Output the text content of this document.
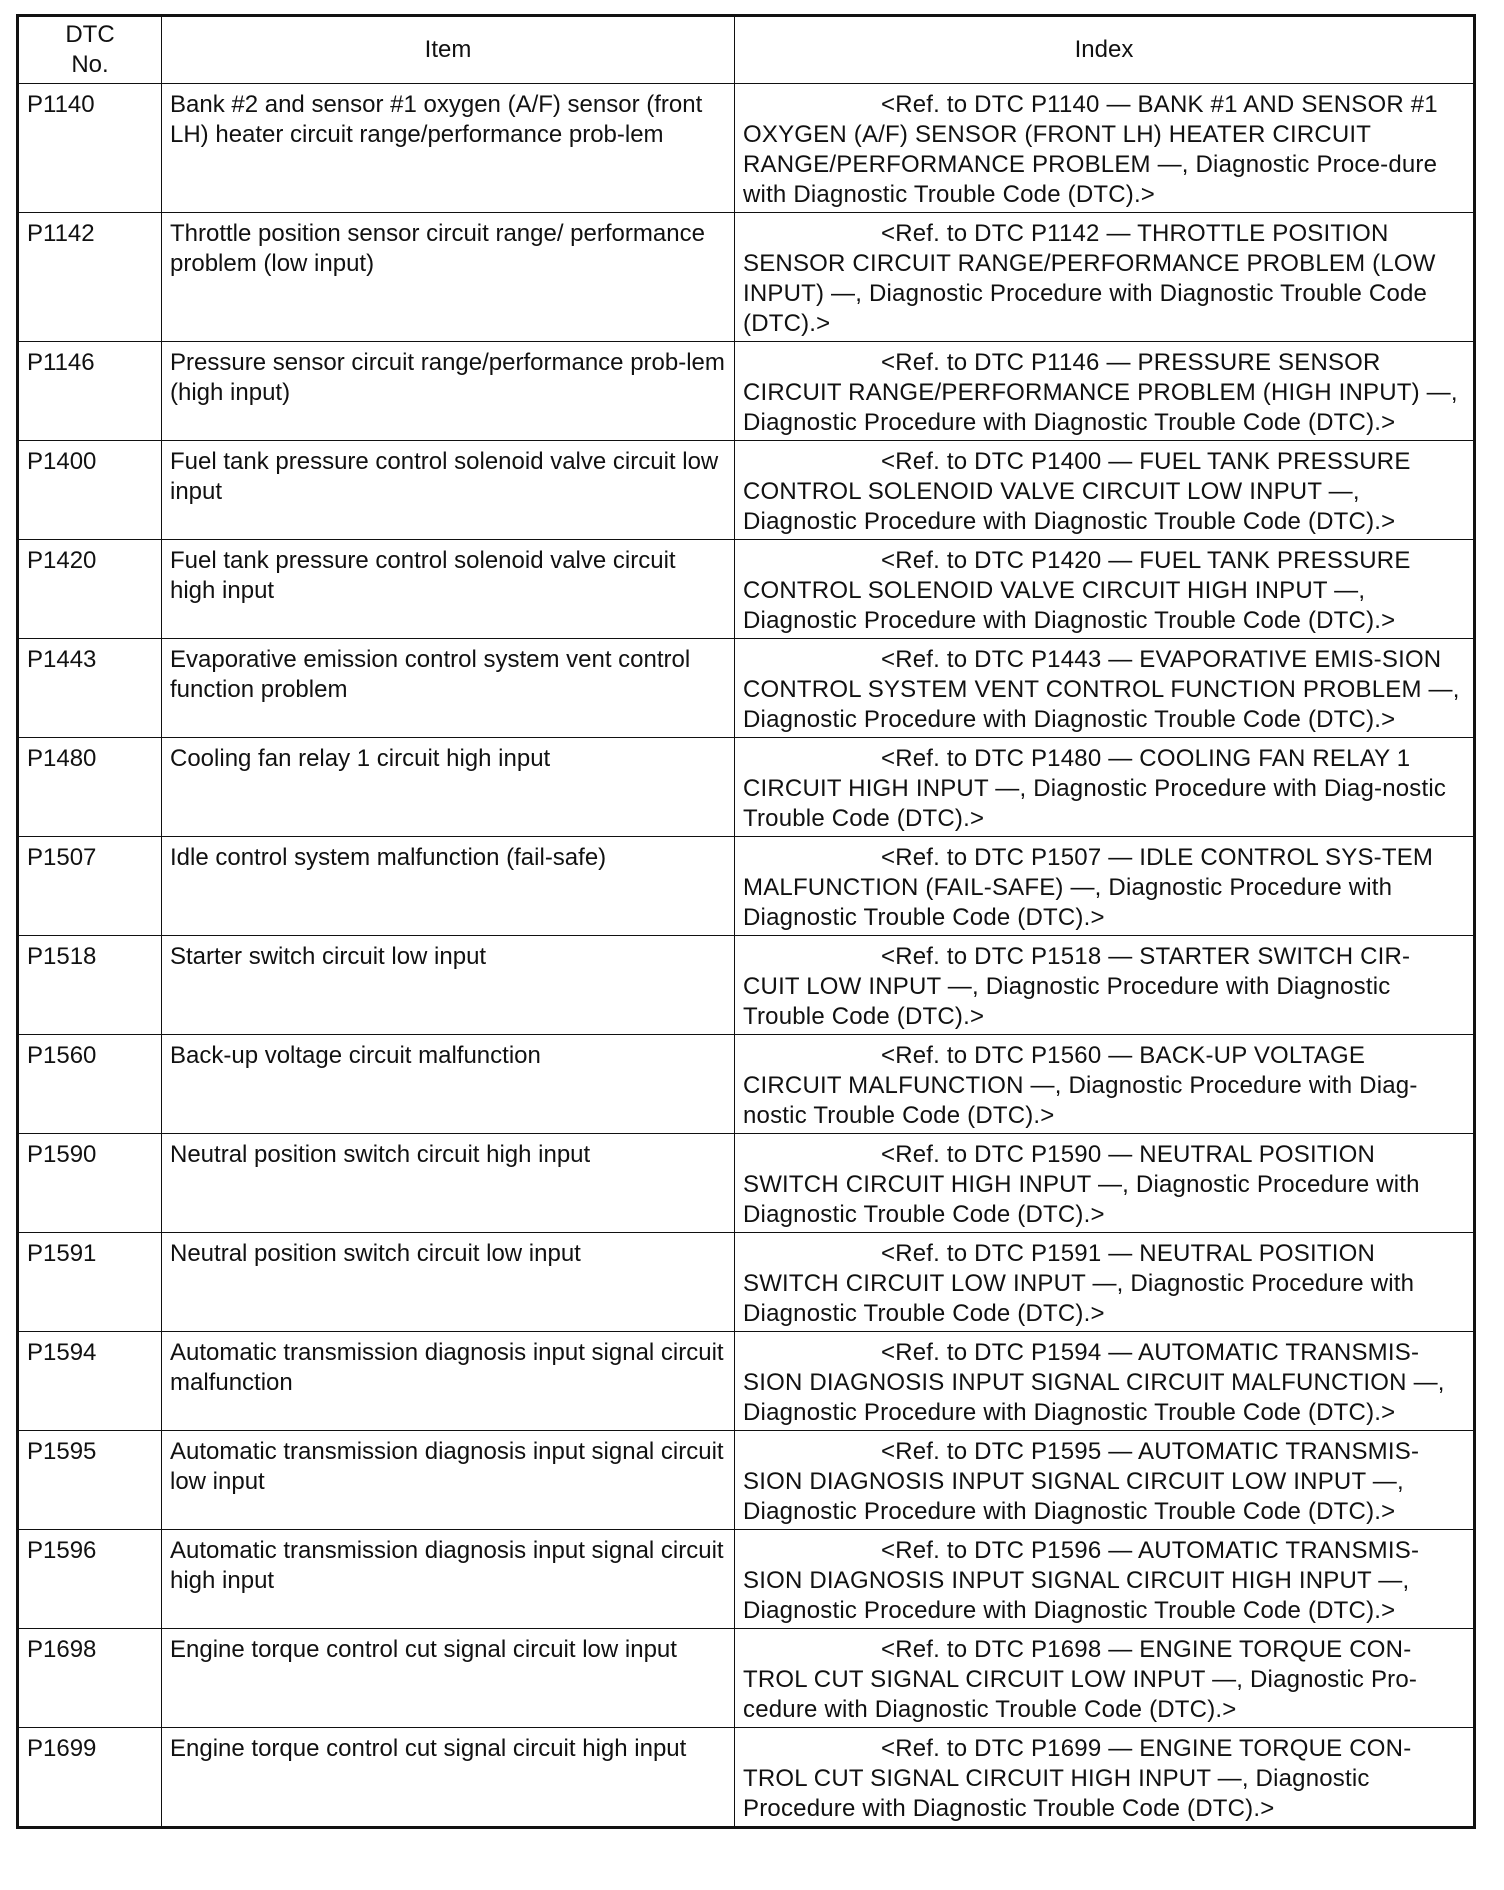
DTC
No.	Item	Index
P1140	Bank #2 and sensor #1 oxygen (A/F) sensor (front LH) heater circuit range/performance prob-lem	<Ref. to DTC P1140 — BANK #1 AND SENSOR #1 OXYGEN (A/F) SENSOR (FRONT LH) HEATER CIRCUIT RANGE/PERFORMANCE PROBLEM —, Diagnostic Proce-dure with Diagnostic Trouble Code (DTC).>
P1142	Throttle position sensor circuit range/ performance problem (low input)	<Ref. to DTC P1142 — THROTTLE POSITION SENSOR CIRCUIT RANGE/PERFORMANCE PROBLEM (LOW INPUT) —, Diagnostic Procedure with Diagnostic Trouble Code (DTC).>
P1146	Pressure sensor circuit range/performance prob-lem (high input)	<Ref. to DTC P1146 — PRESSURE SENSOR CIRCUIT RANGE/PERFORMANCE PROBLEM (HIGH INPUT) —, Diagnostic Procedure with Diagnostic Trouble Code (DTC).>
P1400	Fuel tank pressure control solenoid valve circuit low input	<Ref. to DTC P1400 — FUEL TANK PRESSURE CONTROL SOLENOID VALVE CIRCUIT LOW INPUT —, Diagnostic Procedure with Diagnostic Trouble Code (DTC).>
P1420	Fuel tank pressure control solenoid valve circuit high input	<Ref. to DTC P1420 — FUEL TANK PRESSURE CONTROL SOLENOID VALVE CIRCUIT HIGH INPUT —, Diagnostic Procedure with Diagnostic Trouble Code (DTC).>
P1443	Evaporative emission control system vent control function problem	<Ref. to DTC P1443 — EVAPORATIVE EMIS-SION CONTROL SYSTEM VENT CONTROL FUNCTION PROBLEM —, Diagnostic Procedure with Diagnostic Trouble Code (DTC).>
P1480	Cooling fan relay 1 circuit high input	<Ref. to DTC P1480 — COOLING FAN RELAY 1 CIRCUIT HIGH INPUT —, Diagnostic Procedure with Diag-nostic Trouble Code (DTC).>
P1507	Idle control system malfunction (fail-safe)	<Ref. to DTC P1507 — IDLE CONTROL SYS-TEM MALFUNCTION (FAIL-SAFE) —, Diagnostic Procedure with Diagnostic Trouble Code (DTC).>
P1518	Starter switch circuit low input	<Ref. to DTC P1518 — STARTER SWITCH CIR-CUIT LOW INPUT —, Diagnostic Procedure with Diagnostic Trouble Code (DTC).>
P1560	Back-up voltage circuit malfunction	<Ref. to DTC P1560 — BACK-UP VOLTAGE CIRCUIT MALFUNCTION —, Diagnostic Procedure with Diag-nostic Trouble Code (DTC).>
P1590	Neutral position switch circuit high input	<Ref. to DTC P1590 — NEUTRAL POSITION SWITCH CIRCUIT HIGH INPUT —, Diagnostic Procedure with Diagnostic Trouble Code (DTC).>
P1591	Neutral position switch circuit low input	<Ref. to DTC P1591 — NEUTRAL POSITION SWITCH CIRCUIT LOW INPUT —, Diagnostic Procedure with Diagnostic Trouble Code (DTC).>
P1594	Automatic transmission diagnosis input signal circuit malfunction	<Ref. to DTC P1594 — AUTOMATIC TRANSMIS-SION DIAGNOSIS INPUT SIGNAL CIRCUIT MALFUNCTION —, Diagnostic Procedure with Diagnostic Trouble Code (DTC).>
P1595	Automatic transmission diagnosis input signal circuit low input	<Ref. to DTC P1595 — AUTOMATIC TRANSMIS-SION DIAGNOSIS INPUT SIGNAL CIRCUIT LOW INPUT —, Diagnostic Procedure with Diagnostic Trouble Code (DTC).>
P1596	Automatic transmission diagnosis input signal circuit high input	<Ref. to DTC P1596 — AUTOMATIC TRANSMIS-SION DIAGNOSIS INPUT SIGNAL CIRCUIT HIGH INPUT —, Diagnostic Procedure with Diagnostic Trouble Code (DTC).>
P1698	Engine torque control cut signal circuit low input	<Ref. to DTC P1698 — ENGINE TORQUE CON-TROL CUT SIGNAL CIRCUIT LOW INPUT —, Diagnostic Pro-cedure with Diagnostic Trouble Code (DTC).>
P1699	Engine torque control cut signal circuit high input	<Ref. to DTC P1699 — ENGINE TORQUE CON-TROL CUT SIGNAL CIRCUIT HIGH INPUT —, Diagnostic Procedure with Diagnostic Trouble Code (DTC).>
